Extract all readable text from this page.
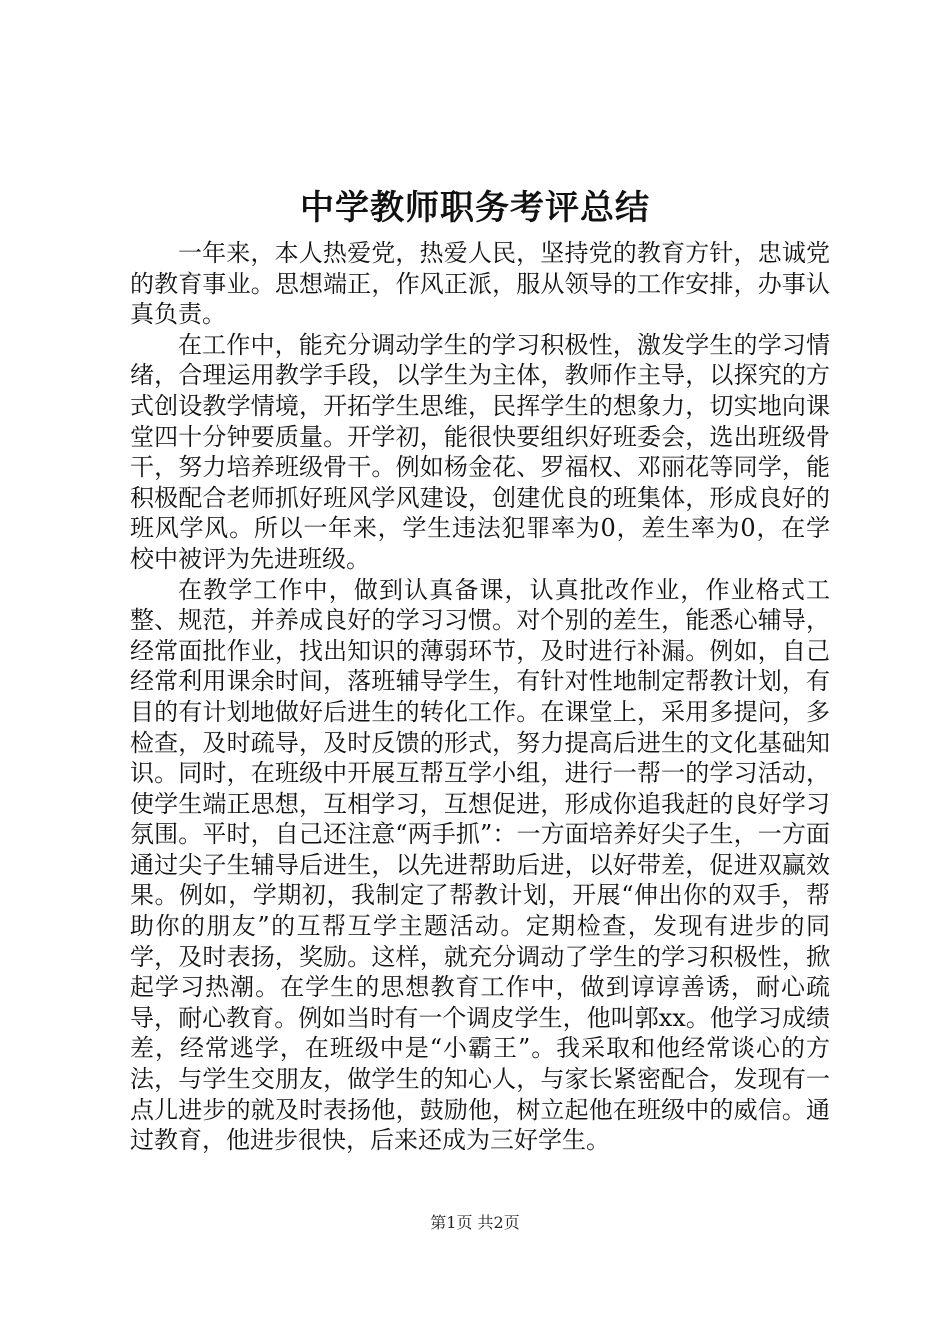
中学教师职务考评总结

一年来，本人热爱党，热爱人民，坚持党的教育方针，忠诚党的教育事业。思想端正，作风正派，服从领导的工作安排，办事认真负责。

在工作中，能充分调动学生的学习积极性，激发学生的学习情绪，合理运用教学手段，以学生为主体，教师作主导，以探究的方式创设教学情境，开拓学生思维，民挥学生的想象力，切实地向课堂四十分钟要质量。开学初，能很快要组织好班委会，选出班级骨干，努力培养班级骨干。例如杨金花、罗福权、邓丽花等同学，能积极配合老师抓好班风学风建设，创建优良的班集体，形成良好的班风学风。所以一年来，学生违法犯罪率为0，差生率为0，在学校中被评为先进班级。

在教学工作中，做到认真备课，认真批改作业，作业格式工整、规范，并养成良好的学习习惯。对个别的差生，能悉心辅导，经常面批作业，找出知识的薄弱环节，及时进行补漏。例如，自己经常利用课余时间，落班辅导学生，有针对性地制定帮教计划，有目的有计划地做好后进生的转化工作。在课堂上，采用多提问，多检查，及时疏导，及时反馈的形式，努力提高后进生的文化基础知识。同时，在班级中开展互帮互学小组，进行一帮一的学习活动，使学生端正思想，互相学习，互想促进，形成你追我赶的良好学习氛围。平时，自己还注意“两手抓”：一方面培养好尖子生，一方面通过尖子生辅导后进生，以先进帮助后进，以好带差，促进双赢效果。例如，学期初，我制定了帮教计划，开展“伸出你的双手，帮助你的朋友”的互帮互学主题活动。定期检查，发现有进步的同学，及时表扬，奖励。这样，就充分调动了学生的学习积极性，掀起学习热潮。在学生的思想教育工作中，做到谆谆善诱，耐心疏导，耐心教育。例如当时有一个调皮学生，他叫郭xx。他学习成绩差，经常逃学，在班级中是“小霸王”。我采取和他经常谈心的方法，与学生交朋友，做学生的知心人，与家长紧密配合，发现有一点儿进步的就及时表扬他，鼓励他，树立起他在班级中的威信。通过教育，他进步很快，后来还成为三好学生。

第1页 共2页
